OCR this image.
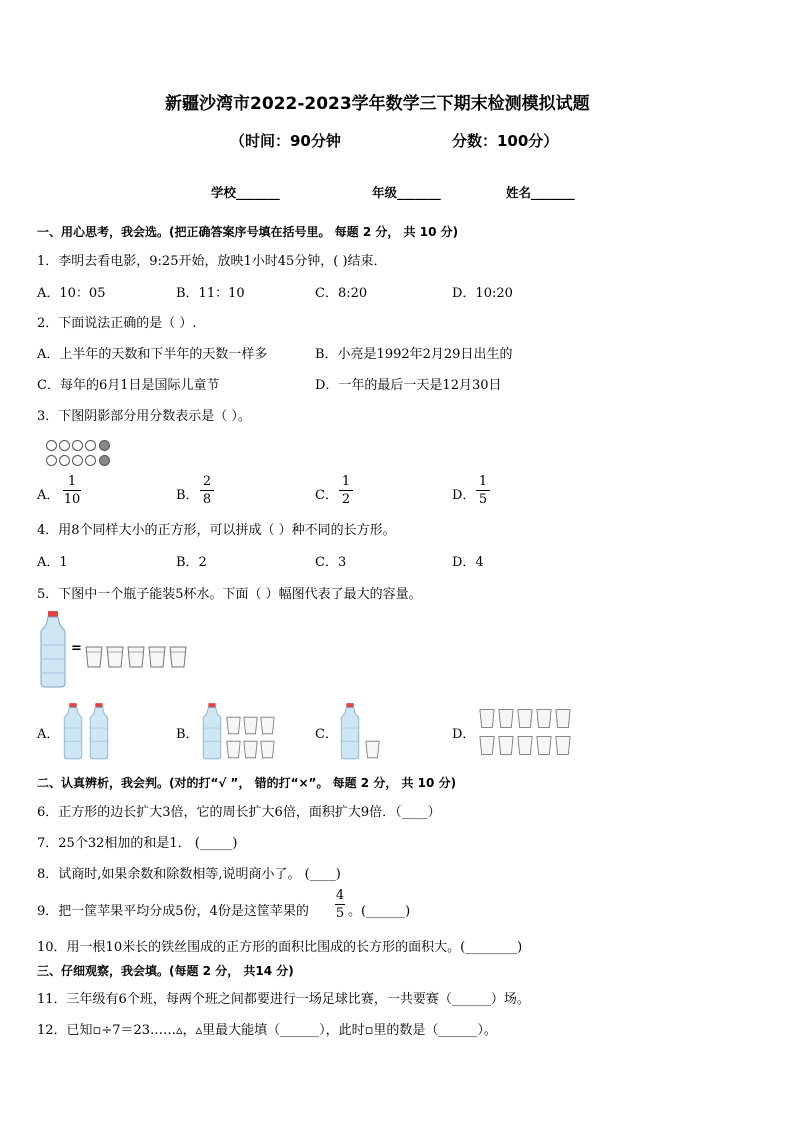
新疆沙湾市2022-2023学年数学三下期末检测模拟试题
（时间：90分钟	分数：100分）
学校_______	年级_______	姓名_______
一、用心思考，我会选。(把正确答案序号填在括号里。 每题 2 分， 共 10 分)
1．李明去看电影，9:25开始，放映1小时45分钟，( )结束．
A．10：05	B．11：10	C．8:20	D．10:20
2．下面说法正确的是（ ）.
A．上半年的天数和下半年的天数一样多	B．小亮是1992年2月29日出生的
C．每年的6月1日是国际儿童节	D．一年的最后一天是12月30日
3．下图阴影部分用分数表示是（ ）。
A．
1
10	B．
2
8	C．
1
2	D．
1
5
4．用8个同样大小的正方形，可以拼成（ ）种不同的长方形。
A．1	B．2	C．3	D．4
5．下图中一个瓶子能装5杯水。下面（ ）幅图代表了最大的容量。
=
A．	B．	C．	D．
二、认真辨析，我会判。(对的打“√ ”， 错的打“×”。 每题 2 分， 共 10 分)
6．正方形的边长扩大3倍，它的周长扩大6倍，面积扩大9倍．（____）
7．25个32相加的和是1． (_____)
8．试商时,如果余数和除数相等,说明商小了。 (____)
9．把一筐苹果平均分成5份，4份是这筐苹果的
4
5 。(______)
10．用一根10米长的铁丝围成的正方形的面积比围成的长方形的面积大。(________)
三、仔细观察，我会填。(每题 2 分， 共14 分)
11．三年级有6个班，每两个班之间都要进行一场足球比赛，一共要赛（______）场。
12．已知▫÷7＝23……▵，▵里最大能填（______），此时▫里的数是（______）。
